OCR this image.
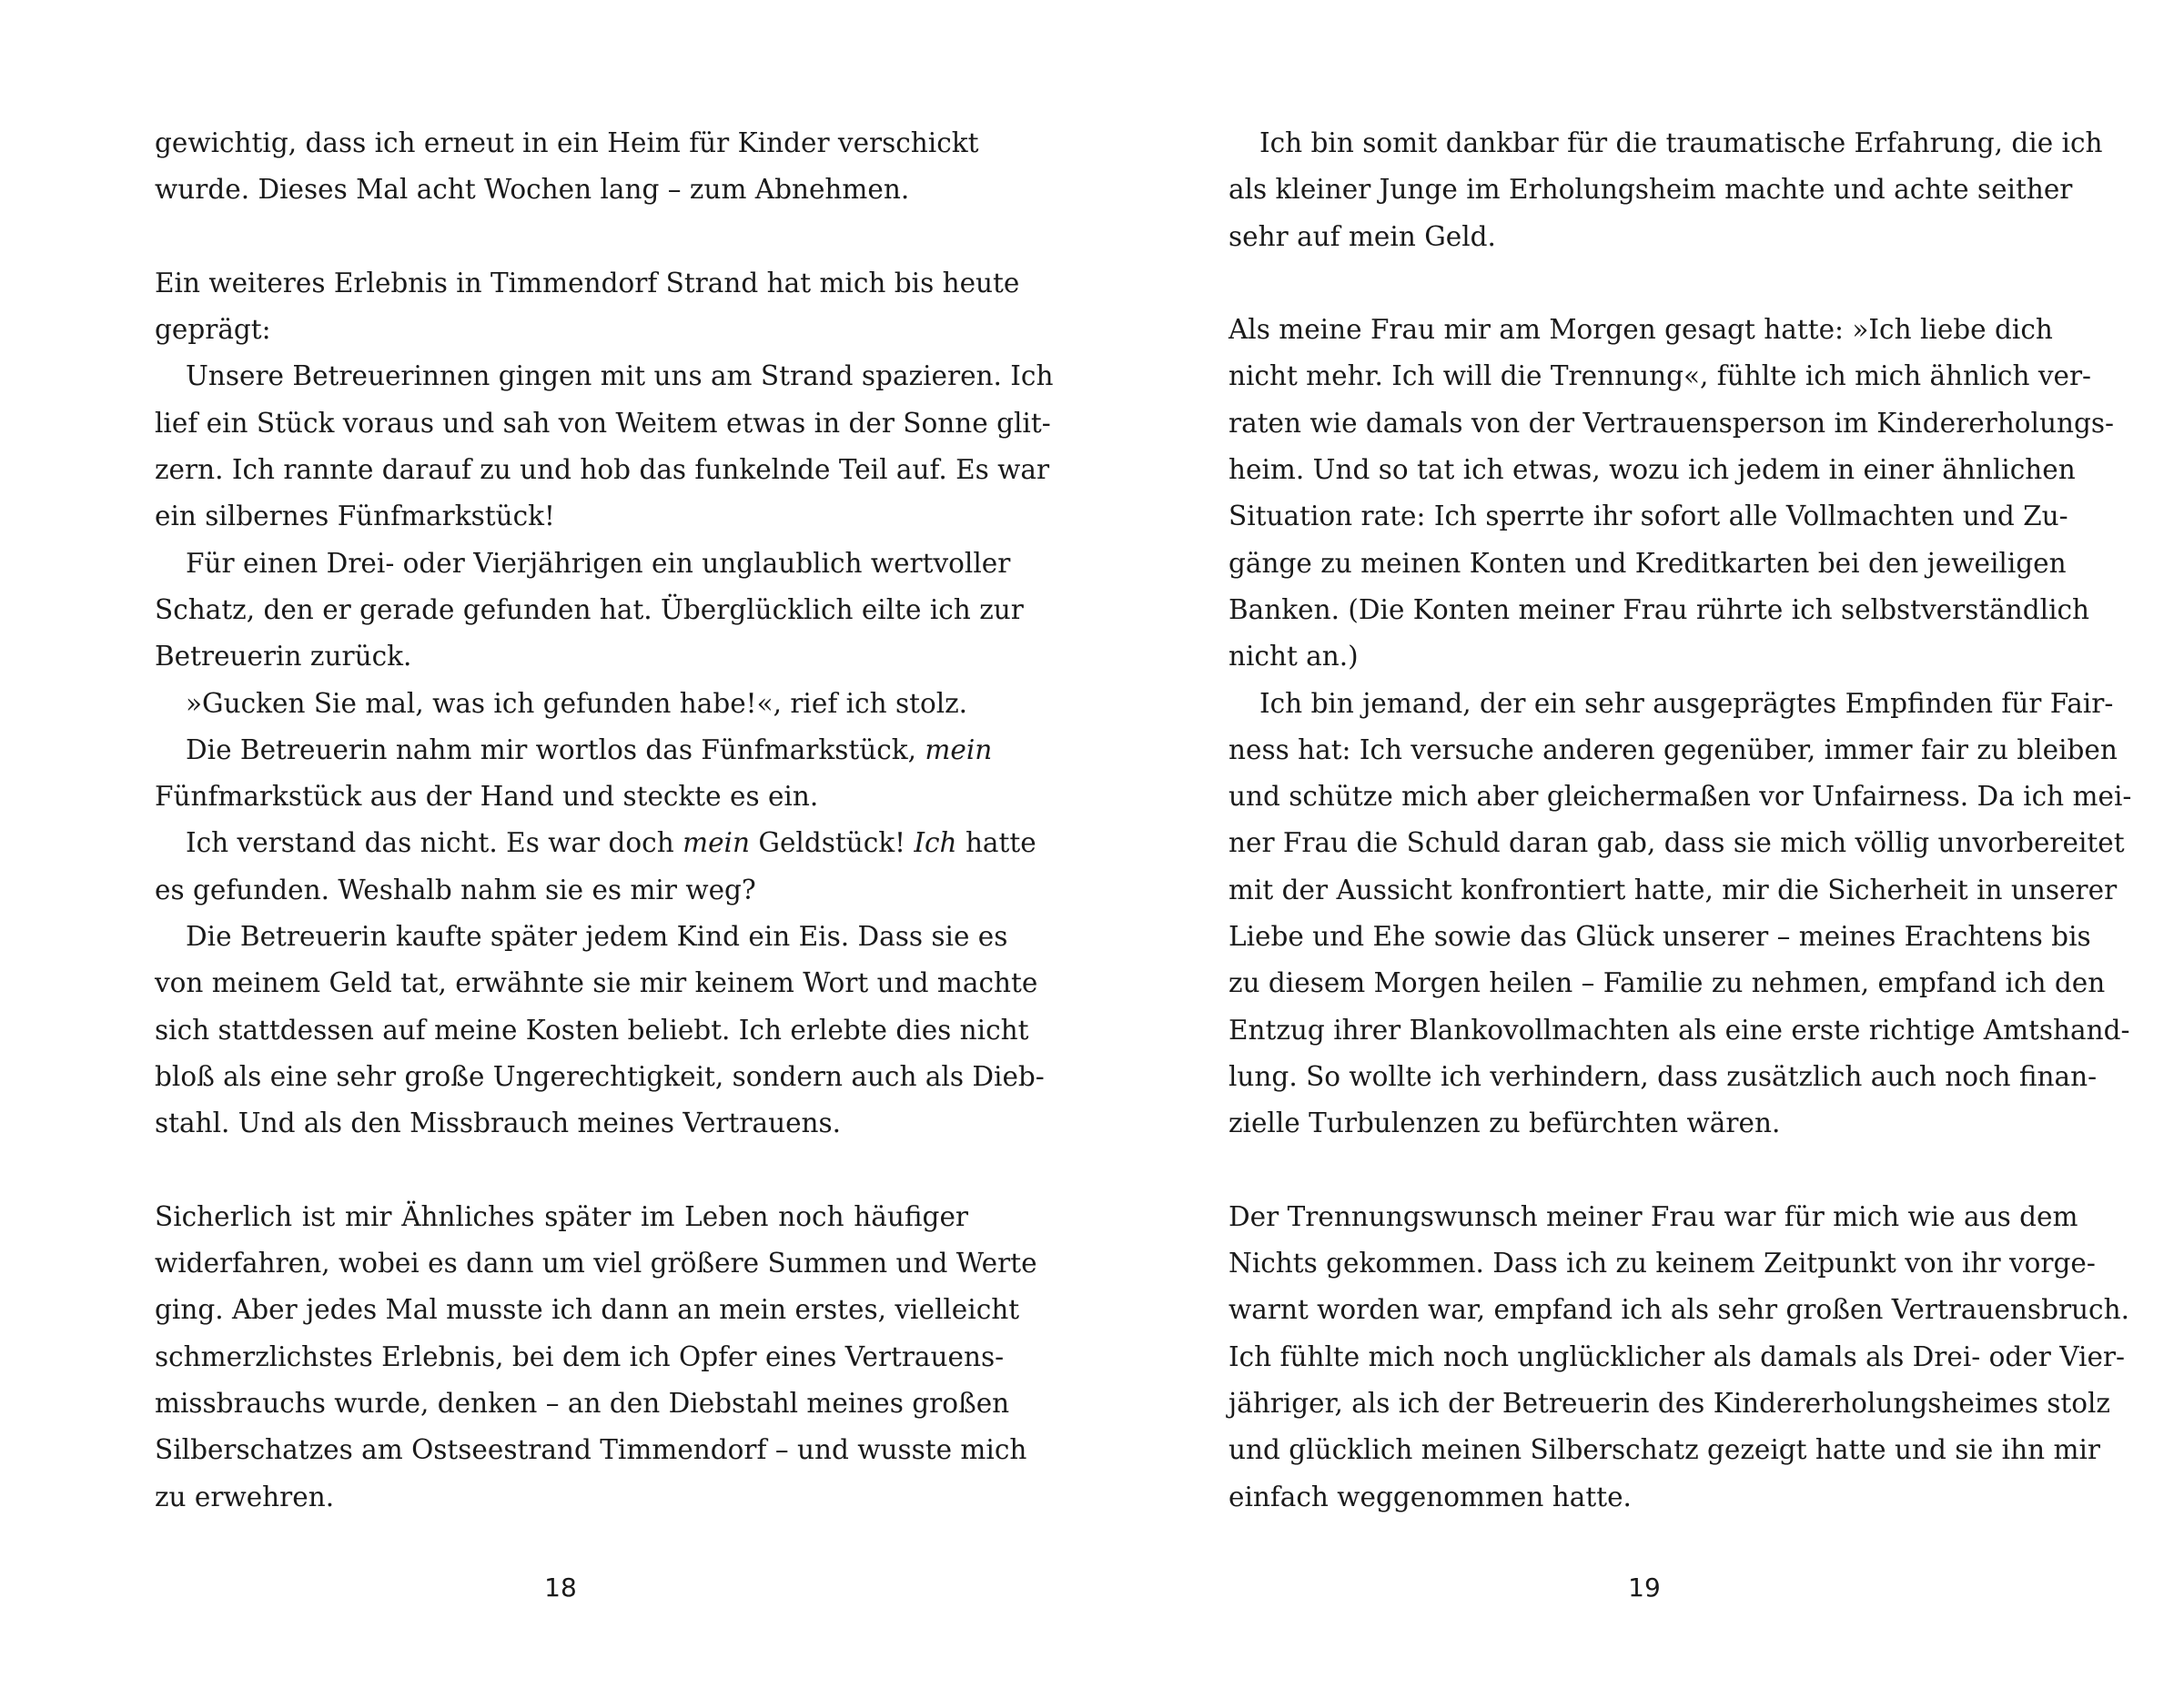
gewichtig, dass ich erneut in ein Heim für Kinder verschickt
wurde. Dieses Mal acht Wochen lang – zum Abnehmen.
Ein weiteres Erlebnis in Timmendorf Strand hat mich bis heute
geprägt:
Unsere Betreuerinnen gingen mit uns am Strand spazieren. Ich
lief ein Stück voraus und sah von Weitem etwas in der Sonne glit-
zern. Ich rannte darauf zu und hob das funkelnde Teil auf. Es war
ein silbernes Fünfmarkstück!
Für einen Drei- oder Vierjährigen ein unglaublich wertvoller
Schatz, den er gerade gefunden hat. Überglücklich eilte ich zur
Betreuerin zurück.
»Gucken Sie mal, was ich gefunden habe!«, rief ich stolz.
Die Betreuerin nahm mir wortlos das Fünfmarkstück, mein
Fünfmarkstück aus der Hand und steckte es ein.
Ich verstand das nicht. Es war doch mein Geldstück! Ich hatte
es gefunden. Weshalb nahm sie es mir weg?
Die Betreuerin kaufte später jedem Kind ein Eis. Dass sie es
von meinem Geld tat, erwähnte sie mir keinem Wort und machte
sich stattdessen auf meine Kosten beliebt. Ich erlebte dies nicht
bloß als eine sehr große Ungerechtigkeit, sondern auch als Dieb-
stahl. Und als den Missbrauch meines Vertrauens.
Sicherlich ist mir Ähnliches später im Leben noch häufiger
widerfahren, wobei es dann um viel größere Summen und Werte
ging. Aber jedes Mal musste ich dann an mein erstes, vielleicht
schmerzlichstes Erlebnis, bei dem ich Opfer eines Vertrauens-
missbrauchs wurde, denken – an den Diebstahl meines großen
Silberschatzes am Ostseestrand Timmendorf – und wusste mich
zu erwehren.
18
Ich bin somit dankbar für die traumatische Erfahrung, die ich
als kleiner Junge im Erholungsheim machte und achte seither
sehr auf mein Geld.
Als meine Frau mir am Morgen gesagt hatte: »Ich liebe dich
nicht mehr. Ich will die Trennung«, fühlte ich mich ähnlich ver-
raten wie damals von der Vertrauensperson im Kindererholungs-
heim. Und so tat ich etwas, wozu ich jedem in einer ähnlichen
Situation rate: Ich sperrte ihr sofort alle Vollmachten und Zu-
gänge zu meinen Konten und Kreditkarten bei den jeweiligen
Banken. (Die Konten meiner Frau rührte ich selbstverständlich
nicht an.)
Ich bin jemand, der ein sehr ausgeprägtes Empfinden für Fair-
ness hat: Ich versuche anderen gegenüber, immer fair zu bleiben
und schütze mich aber gleichermaßen vor Unfairness. Da ich mei-
ner Frau die Schuld daran gab, dass sie mich völlig unvorbereitet
mit der Aussicht konfrontiert hatte, mir die Sicherheit in unserer
Liebe und Ehe sowie das Glück unserer – meines Erachtens bis
zu diesem Morgen heilen – Familie zu nehmen, empfand ich den
Entzug ihrer Blankovollmachten als eine erste richtige Amtshand-
lung. So wollte ich verhindern, dass zusätzlich auch noch finan-
zielle Turbulenzen zu befürchten wären.
Der Trennungswunsch meiner Frau war für mich wie aus dem
Nichts gekommen. Dass ich zu keinem Zeitpunkt von ihr vorge-
warnt worden war, empfand ich als sehr großen Vertrauensbruch.
Ich fühlte mich noch unglücklicher als damals als Drei- oder Vier-
jähriger, als ich der Betreuerin des Kindererholungsheimes stolz
und glücklich meinen Silberschatz gezeigt hatte und sie ihn mir
einfach weggenommen hatte.
19
